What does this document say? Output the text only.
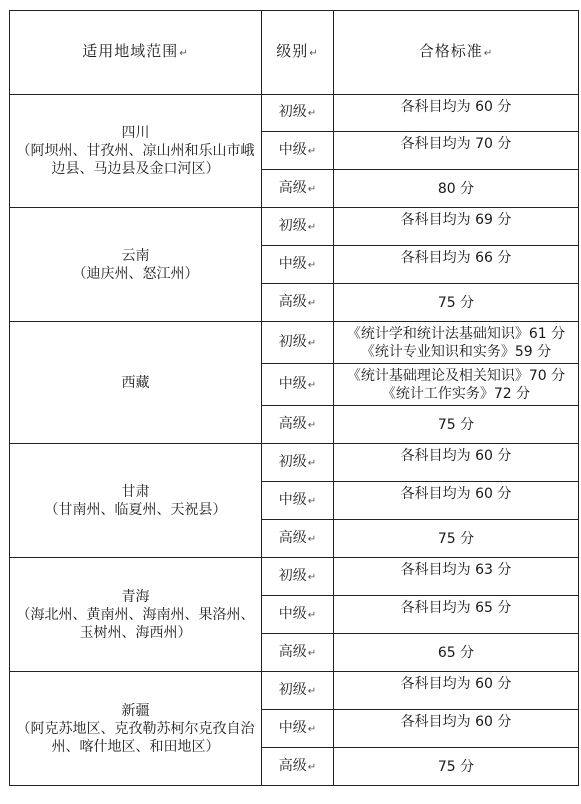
适用地域范围↵	级别↵	合格标准↵

四川
（阿坝州、甘孜州、凉山州和乐山市峨边县、马边县及金口河区）	初级↵	各科目均为 60 分

	中级↵	各科目均为 70 分

	高级↵	80 分

云南
（迪庆州、怒江州）	初级↵	各科目均为 69 分

	中级↵	各科目均为 66 分

	高级↵	75 分

西藏	初级↵	《统计学和统计法基础知识》61 分
《统计专业知识和实务》59 分

	中级↵	《统计基础理论及相关知识》70 分
《统计工作实务》72 分

	高级↵	75 分

甘肃
（甘南州、临夏州、天祝县）	初级↵	各科目均为 60 分

	中级↵	各科目均为 60 分

	高级↵	75 分

青海
（海北州、黄南州、海南州、果洛州、玉树州、海西州）	初级↵	各科目均为 63 分

	中级↵	各科目均为 65 分

	高级↵	65 分

新疆
（阿克苏地区、克孜勒苏柯尔克孜自治州、喀什地区、和田地区）	初级↵	各科目均为 60 分

	中级↵	各科目均为 60 分

	高级↵	75 分
